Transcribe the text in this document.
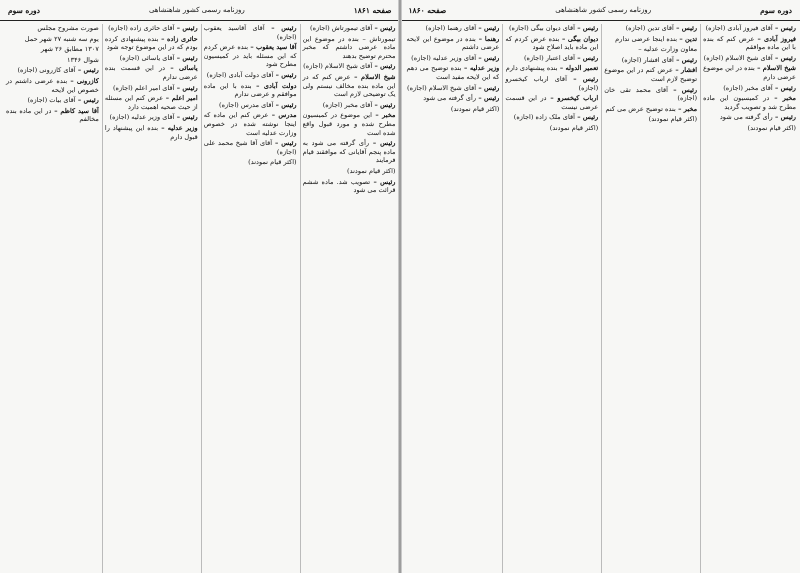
صفحه ۱۸۶۱
روزنامه رسمی کشور شاهنشاهی
دوره سوم

رئیس – آقای تیمورتاش (اجازه)

تیمورتاش – بنده در موضوع این ماده عرضی داشتم که مخبر محترم توضیح بدهند

رئیس – آقای شیخ الاسلام (اجازه)

شیخ الاسلام – عرض کنم که در این ماده بنده مخالف نیستم ولی یک توضیحی لازم است

رئیس – آقای مخبر (اجازه)

مخبر – این موضوع در کمیسیون مطرح شده و مورد قبول واقع شده است

رئیس – رأی گرفته می شود به ماده پنجم آقایانی که موافقند قیام فرمایند

(اکثر قیام نمودند)

رئیس – تصویب شد. ماده ششم قرائت می شود

رئیس – آقای آقاسید یعقوب (اجازه)

آقا سید یعقوب – بنده عرض کردم که این مسئله باید در کمیسیون مطرح شود

رئیس – آقای دولت آبادی (اجازه)

دولت آبادی – بنده با این ماده موافقم و عرضی ندارم

رئیس – آقای مدرس (اجازه)

مدرس – عرض کنم این ماده که اینجا نوشته شده در خصوص وزارت عدلیه است

رئیس – آقای آقا شیخ محمد علی (اجازه)

(اکثر قیام نمودند)

رئیس – آقای حائری زاده (اجازه)

حائری زاده – بنده پیشنهادی کرده بودم که در این موضوع توجه شود

رئیس – آقای یاسائی (اجازه)

یاسائی – در این قسمت بنده عرضی ندارم

رئیس – آقای امیر اعلم (اجازه)

امیر اعلم – عرض کنم این مسئله از حیث صحیه اهمیت دارد

رئیس – آقای وزیر عدلیه (اجازه)

وزیر عدلیه – بنده این پیشنهاد را قبول دارم

صورت مشروح مجلس

یوم سه شنبه ۲۷ شهر حمل

۱۳۰۷ مطابق ۲۶ شهر

شوال ۱۳۴۶

رئیس – آقای کازرونی (اجازه)

کازرونی – بنده عرضی داشتم در خصوص این لایحه

رئیس – آقای بیات (اجازه)

آقا سید کاظم – در این ماده بنده مخالفم

دوره سوم
روزنامه رسمی کشور شاهنشاهی
صفحه ۱۸۶۰

رئیس – آقای فیروز آبادی (اجازه)

فیروز آبادی – عرض کنم که بنده با این ماده موافقم

رئیس – آقای شیخ الاسلام (اجازه)

شیخ الاسلام – بنده در این موضوع عرضی دارم

رئیس – آقای مخبر (اجازه)

مخبر – در کمیسیون این ماده مطرح شد و تصویب گردید

رئیس – رأی گرفته می شود

(اکثر قیام نمودند)

رئیس – آقای تدین (اجازه)

تدین – بنده اینجا عرضی ندارم

معاون وزارت عدلیه –

رئیس – آقای افشار (اجازه)

افشار – عرض کنم در این موضوع توضیح لازم است

رئیس – آقای محمد تقی خان (اجازه)

مخبر – بنده توضیح عرض می کنم

(اکثر قیام نمودند)

رئیس – آقای دیوان بیگی (اجازه)

دیوان بیگی – بنده عرض کردم که این ماده باید اصلاح شود

رئیس – آقای اعتبار (اجازه)

تعمیر الدوله – بنده پیشنهادی دارم

رئیس – آقای ارباب کیخسرو (اجازه)

ارباب کیخسرو – در این قسمت عرضی نیست

رئیس – آقای ملک زاده (اجازه)

(اکثر قیام نمودند)

رئیس – آقای رهنما (اجازه)

رهنما – بنده در موضوع این لایحه عرضی داشتم

رئیس – آقای وزیر عدلیه (اجازه)

وزیر عدلیه – بنده توضیح می دهم که این لایحه مفید است

رئیس – آقای شیخ الاسلام (اجازه)

رئیس – رأی گرفته می شود

(اکثر قیام نمودند)
